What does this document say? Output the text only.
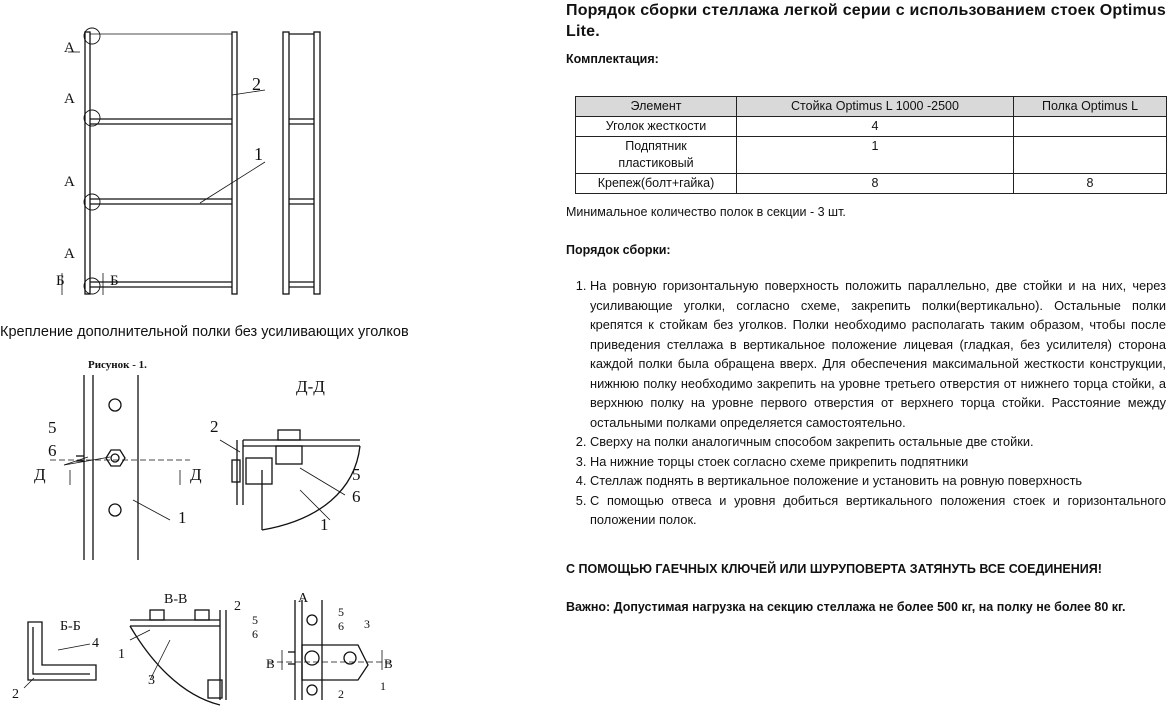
А
А
А
А
Б	Б
2
1
Рисунок - 1.
5
6
Д	Д
1
Д-Д
2
5
6
1
Б-Б
4
2
В-В	2
5
6
1
3
А
5
6 3
В	В
1
2
Крепление дополнительной полки без усиливающих уголков
Порядок сборки стеллажа легкой серии с использованием стоек Optimus Lite.

Комплектация:

Элемент	Стойка Optimus L 1000 -2500	Полка Optimus L
Уголок жесткости	4	

Подпятник
пластиковый	1	
Крепеж(болт+гайка)	8	8

Минимальное количество полок в секции - 3 шт.

Порядок сборки:

1. На ровную горизонтальную поверхность положить параллельно, две стойки и на них, через усиливающие уголки, согласно схеме, закрепить полки(вертикально). Остальные полки крепятся к стойкам без уголков. Полки необходимо располагать таким образом, чтобы после приведения стеллажа в вертикальное положение лицевая (гладкая, без усилителя) сторона каждой полки была обращена вверх. Для обеспечения максимальной жесткости конструкции, нижнюю полку необходимо закрепить на уровне третьего отверстия от нижнего торца стойки, а верхнюю полку на уровне первого отверстия от верхнего торца стойки. Расстояние между остальными полками определяется самостоятельно.
2. Сверху на полки аналогичным способом закрепить остальные две стойки.
3. На нижние торцы стоек согласно схеме прикрепить подпятники
4. Стеллаж поднять в вертикальное положение и установить на ровную поверхность
5. С помощью отвеса и уровня добиться вертикального положения стоек и горизонтального положении полок.

С ПОМОЩЬЮ ГАЕЧНЫХ КЛЮЧЕЙ ИЛИ ШУРУПОВЕРТА ЗАТЯНУТЬ ВСЕ СОЕДИНЕНИЯ!

Важно: Допустимая нагрузка на секцию стеллажа не более 500 кг, на полку не более 80 кг.
